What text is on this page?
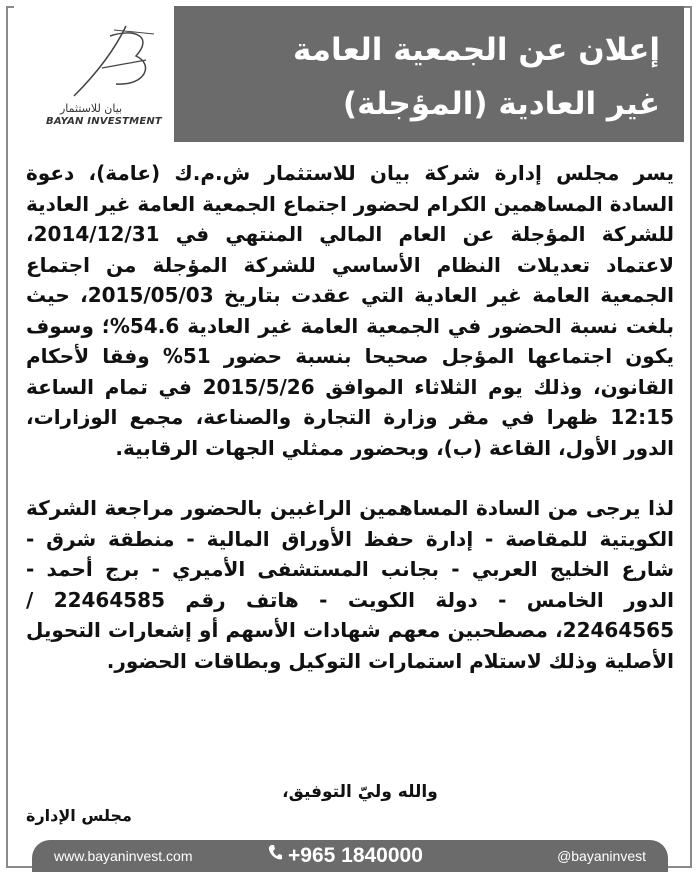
بيان للاستثمار
BAYAN INVESTMENT
إعلان عن الجمعية العامة
غير العادية (المؤجلة)

يسر مجلس إدارة شركة بيان للاستثمار ش.م.ك (عامة)، دعوة السادة المساهمين الكرام لحضور اجتماع الجمعية العامة غير العادية للشركة المؤجلة عن العام المالي المنتهي في 2014/12/31، لاعتماد تعديلات النظام الأساسي للشركة المؤجلة من اجتماع الجمعية العامة غير العادية التي عقدت بتاريخ 2015/05/03، حيث بلغت نسبة الحضور في الجمعية العامة غير العادية 54.6%؛ وسوف يكون اجتماعها المؤجل صحيحا بنسبة حضور 51% وفقا لأحكام القانون، وذلك يوم الثلاثاء الموافق 2015/5/26 في تمام الساعة 12:15 ظهرا في مقر وزارة التجارة والصناعة، مجمع الوزارات، الدور الأول، القاعة (ب)، وبحضور ممثلي الجهات الرقابية.

لذا يرجى من السادة المساهمين الراغبين بالحضور مراجعة الشركة الكويتية للمقاصة - إدارة حفظ الأوراق المالية - منطقة شرق - شارع الخليج العربي - بجانب المستشفى الأميري - برج أحمد - الدور الخامس - دولة الكويت - هاتف رقم 22464585 / 22464565، مصطحبين معهم شهادات الأسهم أو إشعارات التحويل الأصلية وذلك لاستلام استمارات التوكيل وبطاقات الحضور.

والله وليّ التوفيق،
مجلس الإدارة
www.bayaninvest.com	+965 1840000	@bayaninvest
